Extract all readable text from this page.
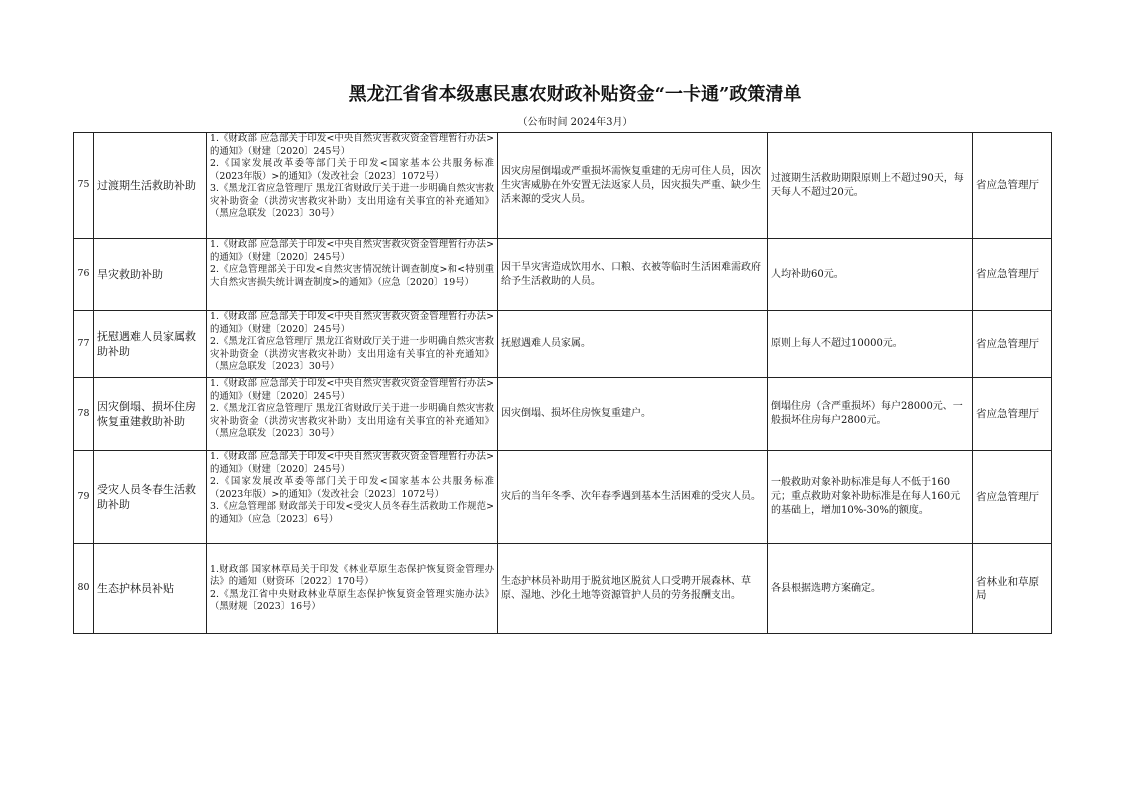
黑龙江省省本级惠民惠农财政补贴资金“一卡通”政策清单
（公布时间 2024年3月）
75	过渡期生活救助补助	1.《财政部 应急部关于印发<中央自然灾害救灾资金管理暂行办法>的通知》（财建〔2020〕245号）
2.《国家发展改革委等部门关于印发<国家基本公共服务标准（2023年版）>的通知》（发改社会〔2023〕1072号）
3.《黑龙江省应急管理厅 黑龙江省财政厅关于进一步明确自然灾害救灾补助资金（洪涝灾害救灾补助）支出用途有关事宜的补充通知》（黑应急联发〔2023〕30号）	因灾房屋倒塌或严重损坏需恢复重建的无房可住人员，因次生灾害威胁在外安置无法返家人员，因灾损失严重、缺少生活来源的受灾人员。	过渡期生活救助期限原则上不超过90天，每天每人不超过20元。	省应急管理厅
76	旱灾救助补助	1.《财政部 应急部关于印发<中央自然灾害救灾资金管理暂行办法>的通知》（财建〔2020〕245号）
2.《应急管理部关于印发<自然灾害情况统计调查制度>和<特别重大自然灾害损失统计调查制度>的通知》（应急〔2020〕19号）	因干旱灾害造成饮用水、口粮、衣被等临时生活困难需政府给予生活救助的人员。	人均补助60元。	省应急管理厅
77	抚慰遇难人员家属救助补助	1.《财政部 应急部关于印发<中央自然灾害救灾资金管理暂行办法>的通知》（财建〔2020〕245号）
2.《黑龙江省应急管理厅 黑龙江省财政厅关于进一步明确自然灾害救灾补助资金（洪涝灾害救灾补助）支出用途有关事宜的补充通知》（黑应急联发〔2023〕30号）	抚慰遇难人员家属。	原则上每人不超过10000元。	省应急管理厅
78	因灾倒塌、损坏住房恢复重建救助补助	1.《财政部 应急部关于印发<中央自然灾害救灾资金管理暂行办法>的通知》（财建〔2020〕245号）
2.《黑龙江省应急管理厅 黑龙江省财政厅关于进一步明确自然灾害救灾补助资金（洪涝灾害救灾补助）支出用途有关事宜的补充通知》（黑应急联发〔2023〕30号）	因灾倒塌、损坏住房恢复重建户。	倒塌住房（含严重损坏）每户28000元、一般损坏住房每户2800元。	省应急管理厅
79	受灾人员冬春生活救助补助	1.《财政部 应急部关于印发<中央自然灾害救灾资金管理暂行办法>的通知》（财建〔2020〕245号）
2.《国家发展改革委等部门关于印发<国家基本公共服务标准（2023年版）>的通知》（发改社会〔2023〕1072号）
3.《应急管理部 财政部关于印发<受灾人员冬春生活救助工作规范>的通知》（应急〔2023〕6号）	灾后的当年冬季、次年春季遇到基本生活困难的受灾人员。	一般救助对象补助标准是每人不低于160元；重点救助对象补助标准是在每人160元的基础上，增加10%-30%的额度。	省应急管理厅
80	生态护林员补贴	1.财政部 国家林草局关于印发《林业草原生态保护恢复资金管理办法》的通知（财资环〔2022〕170号）
2.《黑龙江省中央财政林业草原生态保护恢复资金管理实施办法》（黑财规〔2023〕16号）	生态护林员补助用于脱贫地区脱贫人口受聘开展森林、草原、湿地、沙化土地等资源管护人员的劳务报酬支出。	各县根据选聘方案确定。	省林业和草原局
